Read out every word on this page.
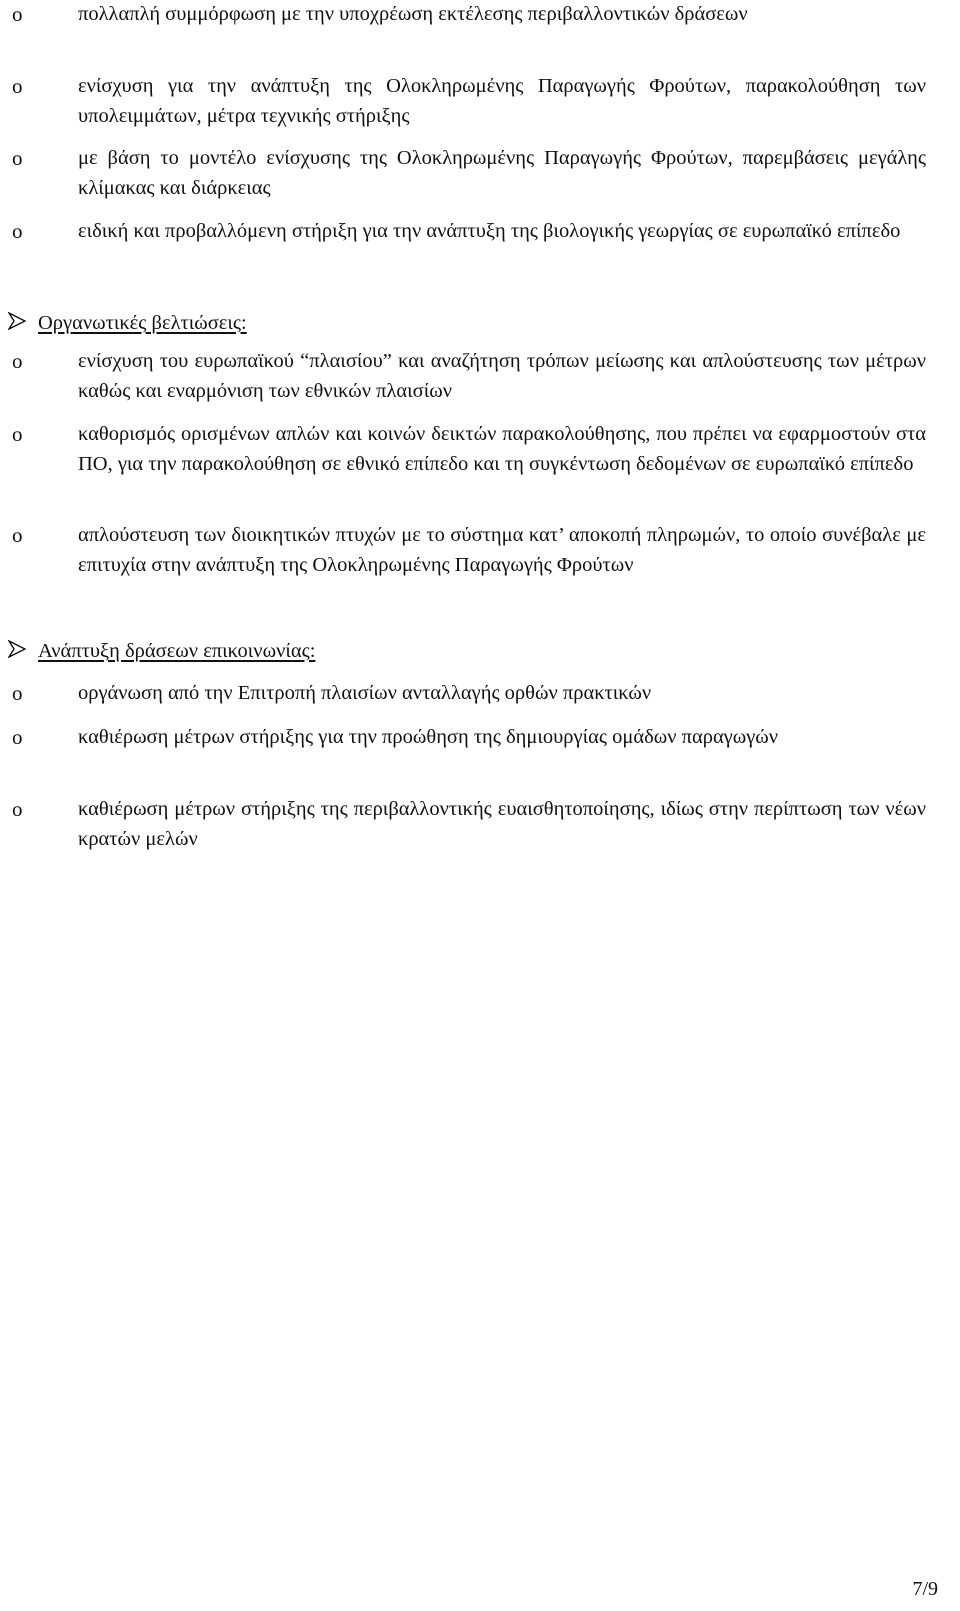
o	πολλαπλή συμμόρφωση με την υποχρέωση εκτέλεσης περιβαλλοντικών δράσεων
o	ενίσχυση για την ανάπτυξη της Ολοκληρωμένης Παραγωγής Φρούτων, παρακολούθηση των υπολειμμάτων, μέτρα τεχνικής στήριξης
o	με βάση το μοντέλο ενίσχυσης της Ολοκληρωμένης Παραγωγής Φρούτων, παρεμβάσεις μεγάλης κλίμακας και διάρκειας
o	ειδική και προβαλλόμενη στήριξη για την ανάπτυξη της βιολογικής γεωργίας σε ευρωπαϊκό επίπεδο
Οργανωτικές βελτιώσεις:
o	ενίσχυση του ευρωπαϊκού “πλαισίου” και αναζήτηση τρόπων μείωσης και απλούστευσης των μέτρων καθώς και εναρμόνιση των εθνικών πλαισίων
o	καθορισμός ορισμένων απλών και κοινών δεικτών παρακολούθησης, που πρέπει να εφαρμοστούν στα ΠΟ, για την παρακολούθηση σε εθνικό επίπεδο και τη συγκέντωση δεδομένων σε ευρωπαϊκό επίπεδο
o	απλούστευση των διοικητικών πτυχών με το σύστημα κατ’ αποκοπή πληρωμών, το οποίο συνέβαλε με επιτυχία στην ανάπτυξη της Ολοκληρωμένης Παραγωγής Φρούτων
Ανάπτυξη δράσεων επικοινωνίας:
o	οργάνωση από την Επιτροπή πλαισίων ανταλλαγής ορθών πρακτικών
o	καθιέρωση μέτρων στήριξης για την προώθηση της δημιουργίας ομάδων παραγωγών
o	καθιέρωση μέτρων στήριξης της περιβαλλοντικής ευαισθητοποίησης, ιδίως στην περίπτωση των νέων κρατών μελών
7/9
